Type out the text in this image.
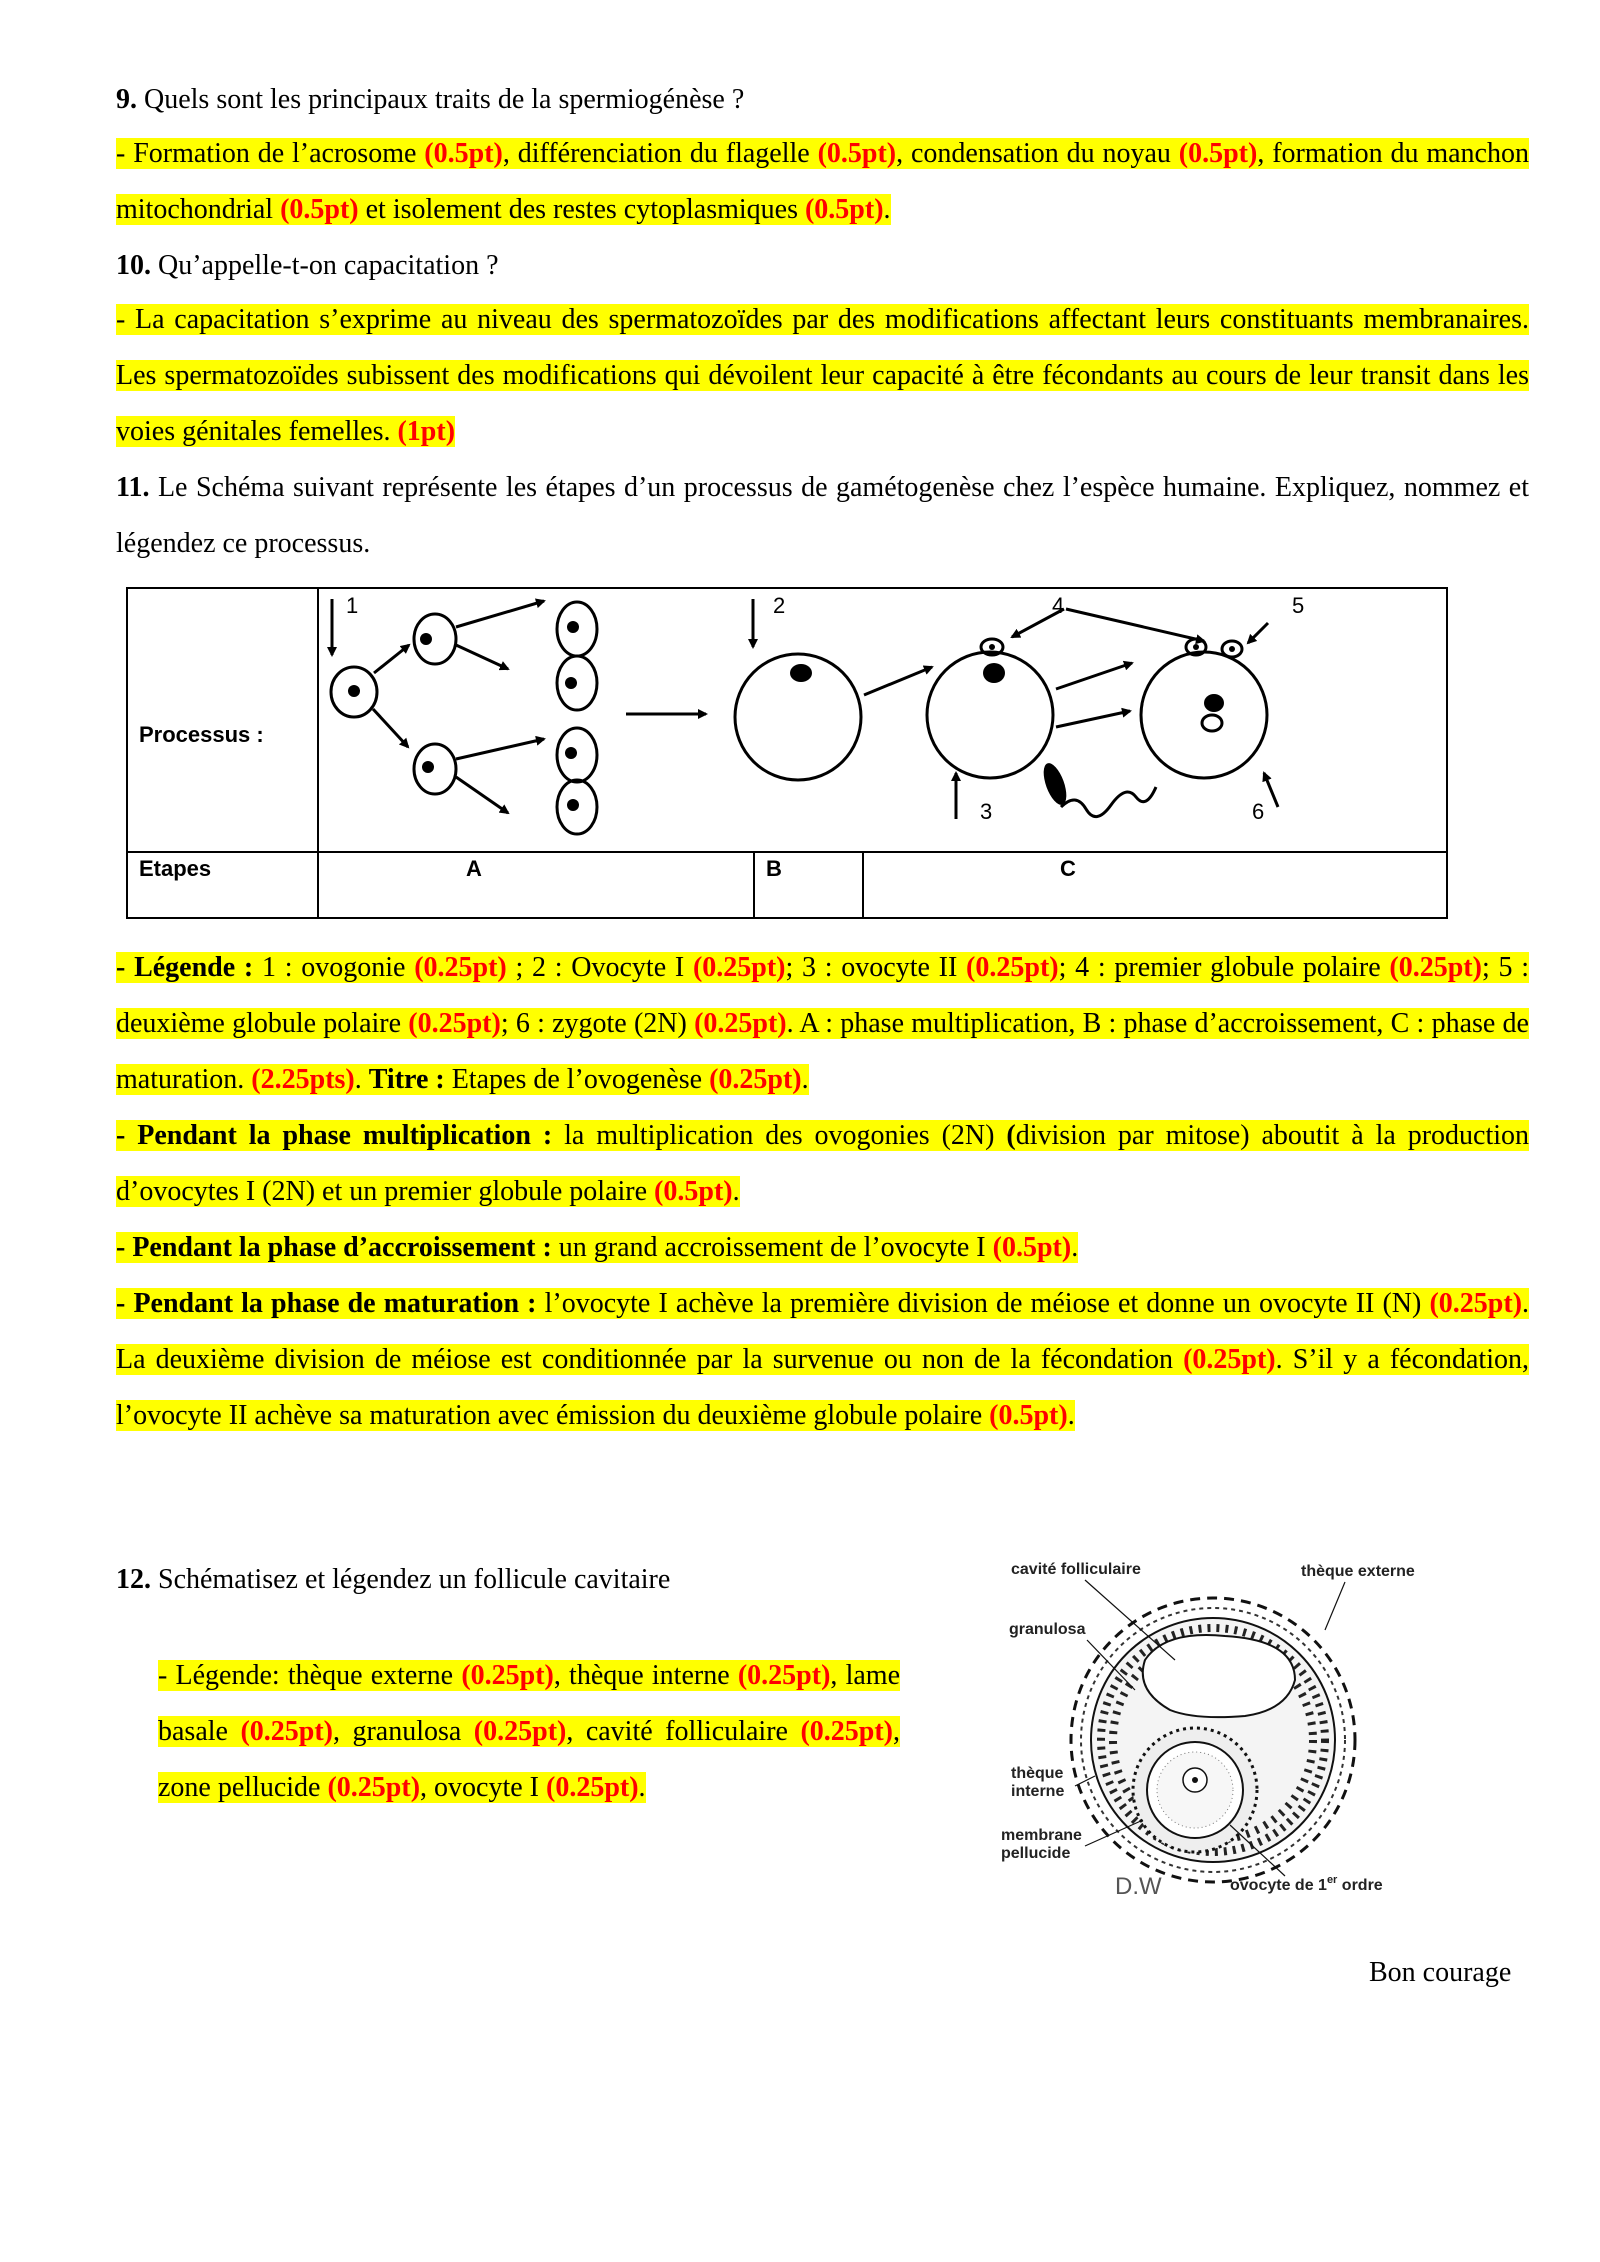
9. Quels sont les principaux traits de la spermiogénèse ?
- Formation de l’acrosome (0.5pt), différenciation du flagelle (0.5pt), condensation du noyau (0.5pt), formation du manchon mitochondrial (0.5pt) et isolement des restes cytoplasmiques (0.5pt).
10. Qu’appelle-t-on capacitation ?
- La capacitation s’exprime au niveau des spermatozoïdes par des modifications affectant leurs constituants membranaires. Les spermatozoïdes subissent des modifications qui dévoilent leur capacité à être fécondants au cours de leur transit dans les voies génitales femelles. (1pt)
11. Le Schéma suivant représente les étapes d’un processus de gamétogenèse chez l’espèce humaine. Expliquez, nommez et légendez ce processus.
Processus :
Etapes	A	B	C
1	2
3
4	5
6
- Légende : 1 : ovogonie (0.25pt) ; 2 : Ovocyte I (0.25pt); 3 : ovocyte II (0.25pt); 4 : premier globule polaire (0.25pt); 5 : deuxième globule polaire (0.25pt); 6 : zygote (2N) (0.25pt). A : phase multiplication, B : phase d’accroissement, C : phase de maturation. (2.25pts). Titre : Etapes de l’ovogenèse (0.25pt).
- Pendant la phase multiplication : la multiplication des ovogonies (2N) (division par mitose) aboutit à la production d’ovocytes I (2N) et un premier globule polaire (0.5pt).
- Pendant la phase d’accroissement : un grand accroissement de l’ovocyte I (0.5pt).
- Pendant la phase de maturation : l’ovocyte I achève la première division de méiose et donne un ovocyte II (N) (0.25pt). La deuxième division de méiose est conditionnée par la survenue ou non de la fécondation (0.25pt). S’il y a fécondation, l’ovocyte II achève sa maturation avec émission du deuxième globule polaire (0.5pt).
12. Schématisez et légendez un follicule cavitaire
- Légende: thèque externe (0.25pt), thèque interne (0.25pt), lame basale (0.25pt), granulosa (0.25pt), cavité folliculaire (0.25pt), zone pellucide (0.25pt), ovocyte I (0.25pt).
cavité folliculaire	thèque externe
granulosa
thèque
interne
membrane
pellucide
ovocyte de 1er ordre
D.W
Bon courage
